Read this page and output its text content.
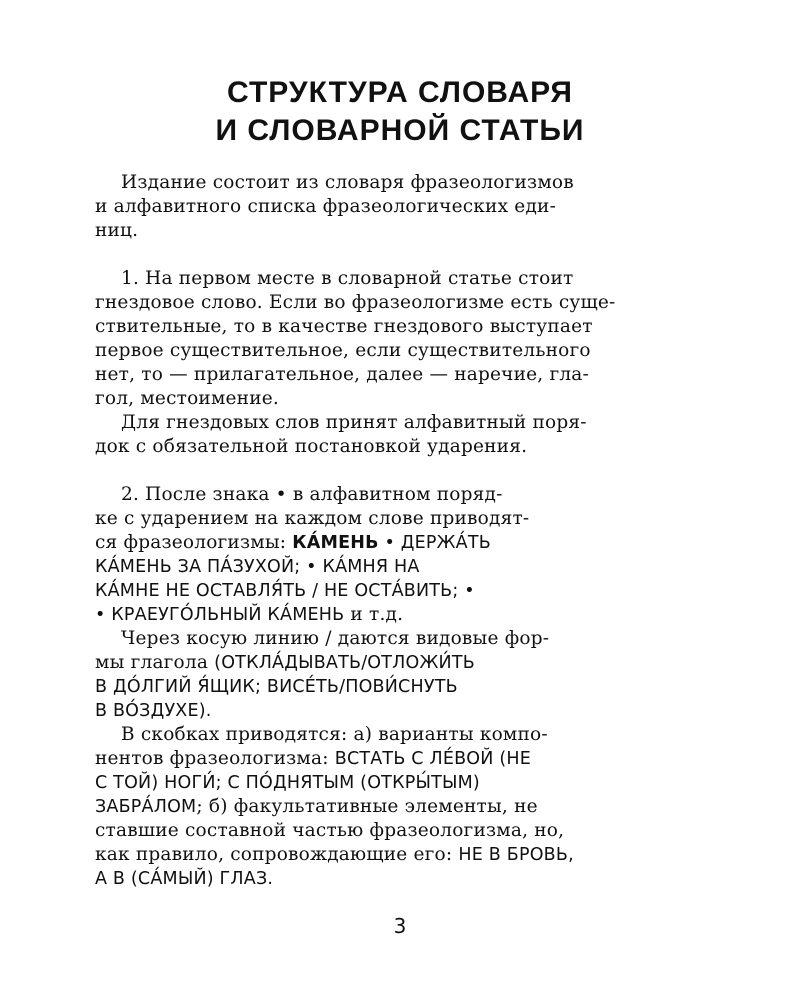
СТРУКТУРА СЛОВАРЯ
И СЛОВАРНОЙ СТАТЬИ
Издание состоит из словаря фразеологизмов
и алфавитного списка фразеологических еди-
ниц.
1. На первом месте в словарной статье стоит
гнездовое слово. Если во фразеологизме есть суще-
ствительные, то в качестве гнездового выступает
первое существительное, если существительного
нет, то — прилагательное, далее — наречие, гла-
гол, местоимение.
Для гнездовых слов принят алфавитный поря-
док с обязательной постановкой ударения.
2. После знака • в алфавитном поряд-
ке с ударением на каждом слове приводят-
ся фразеологизмы: КА́МЕНЬ • ДЕРЖА́ТЬ
КА́МЕНЬ ЗА ПА́ЗУХОЙ; • КА́МНЯ НА
КА́МНЕ НЕ ОСТАВЛЯ́ТЬ / НЕ ОСТА́ВИТЬ; •
• КРАЕУГО́ЛЬНЫЙ КА́МЕНЬ и т.д.
Через косую линию / даются видовые фор-
мы глагола (ОТКЛА́ДЫВАТЬ/ОТЛОЖИ́ТЬ
В ДО́ЛГИЙ Я́ЩИК; ВИСЕ́ТЬ/ПОВИ́СНУТЬ
В ВО́ЗДУХЕ).
В скобках приводятся: а) варианты компо-
нентов фразеологизма: ВСТАТЬ С ЛЕ́ВОЙ (НЕ
С ТОЙ) НОГИ́; С ПО́ДНЯТЫМ (ОТКРЫ́ТЫМ)
ЗАБРА́ЛОМ; б) факультативные элементы, не
ставшие составной частью фразеологизма, но,
как правило, сопровождающие его: НЕ В БРОВЬ,
А В (СА́МЫЙ) ГЛАЗ.
3
